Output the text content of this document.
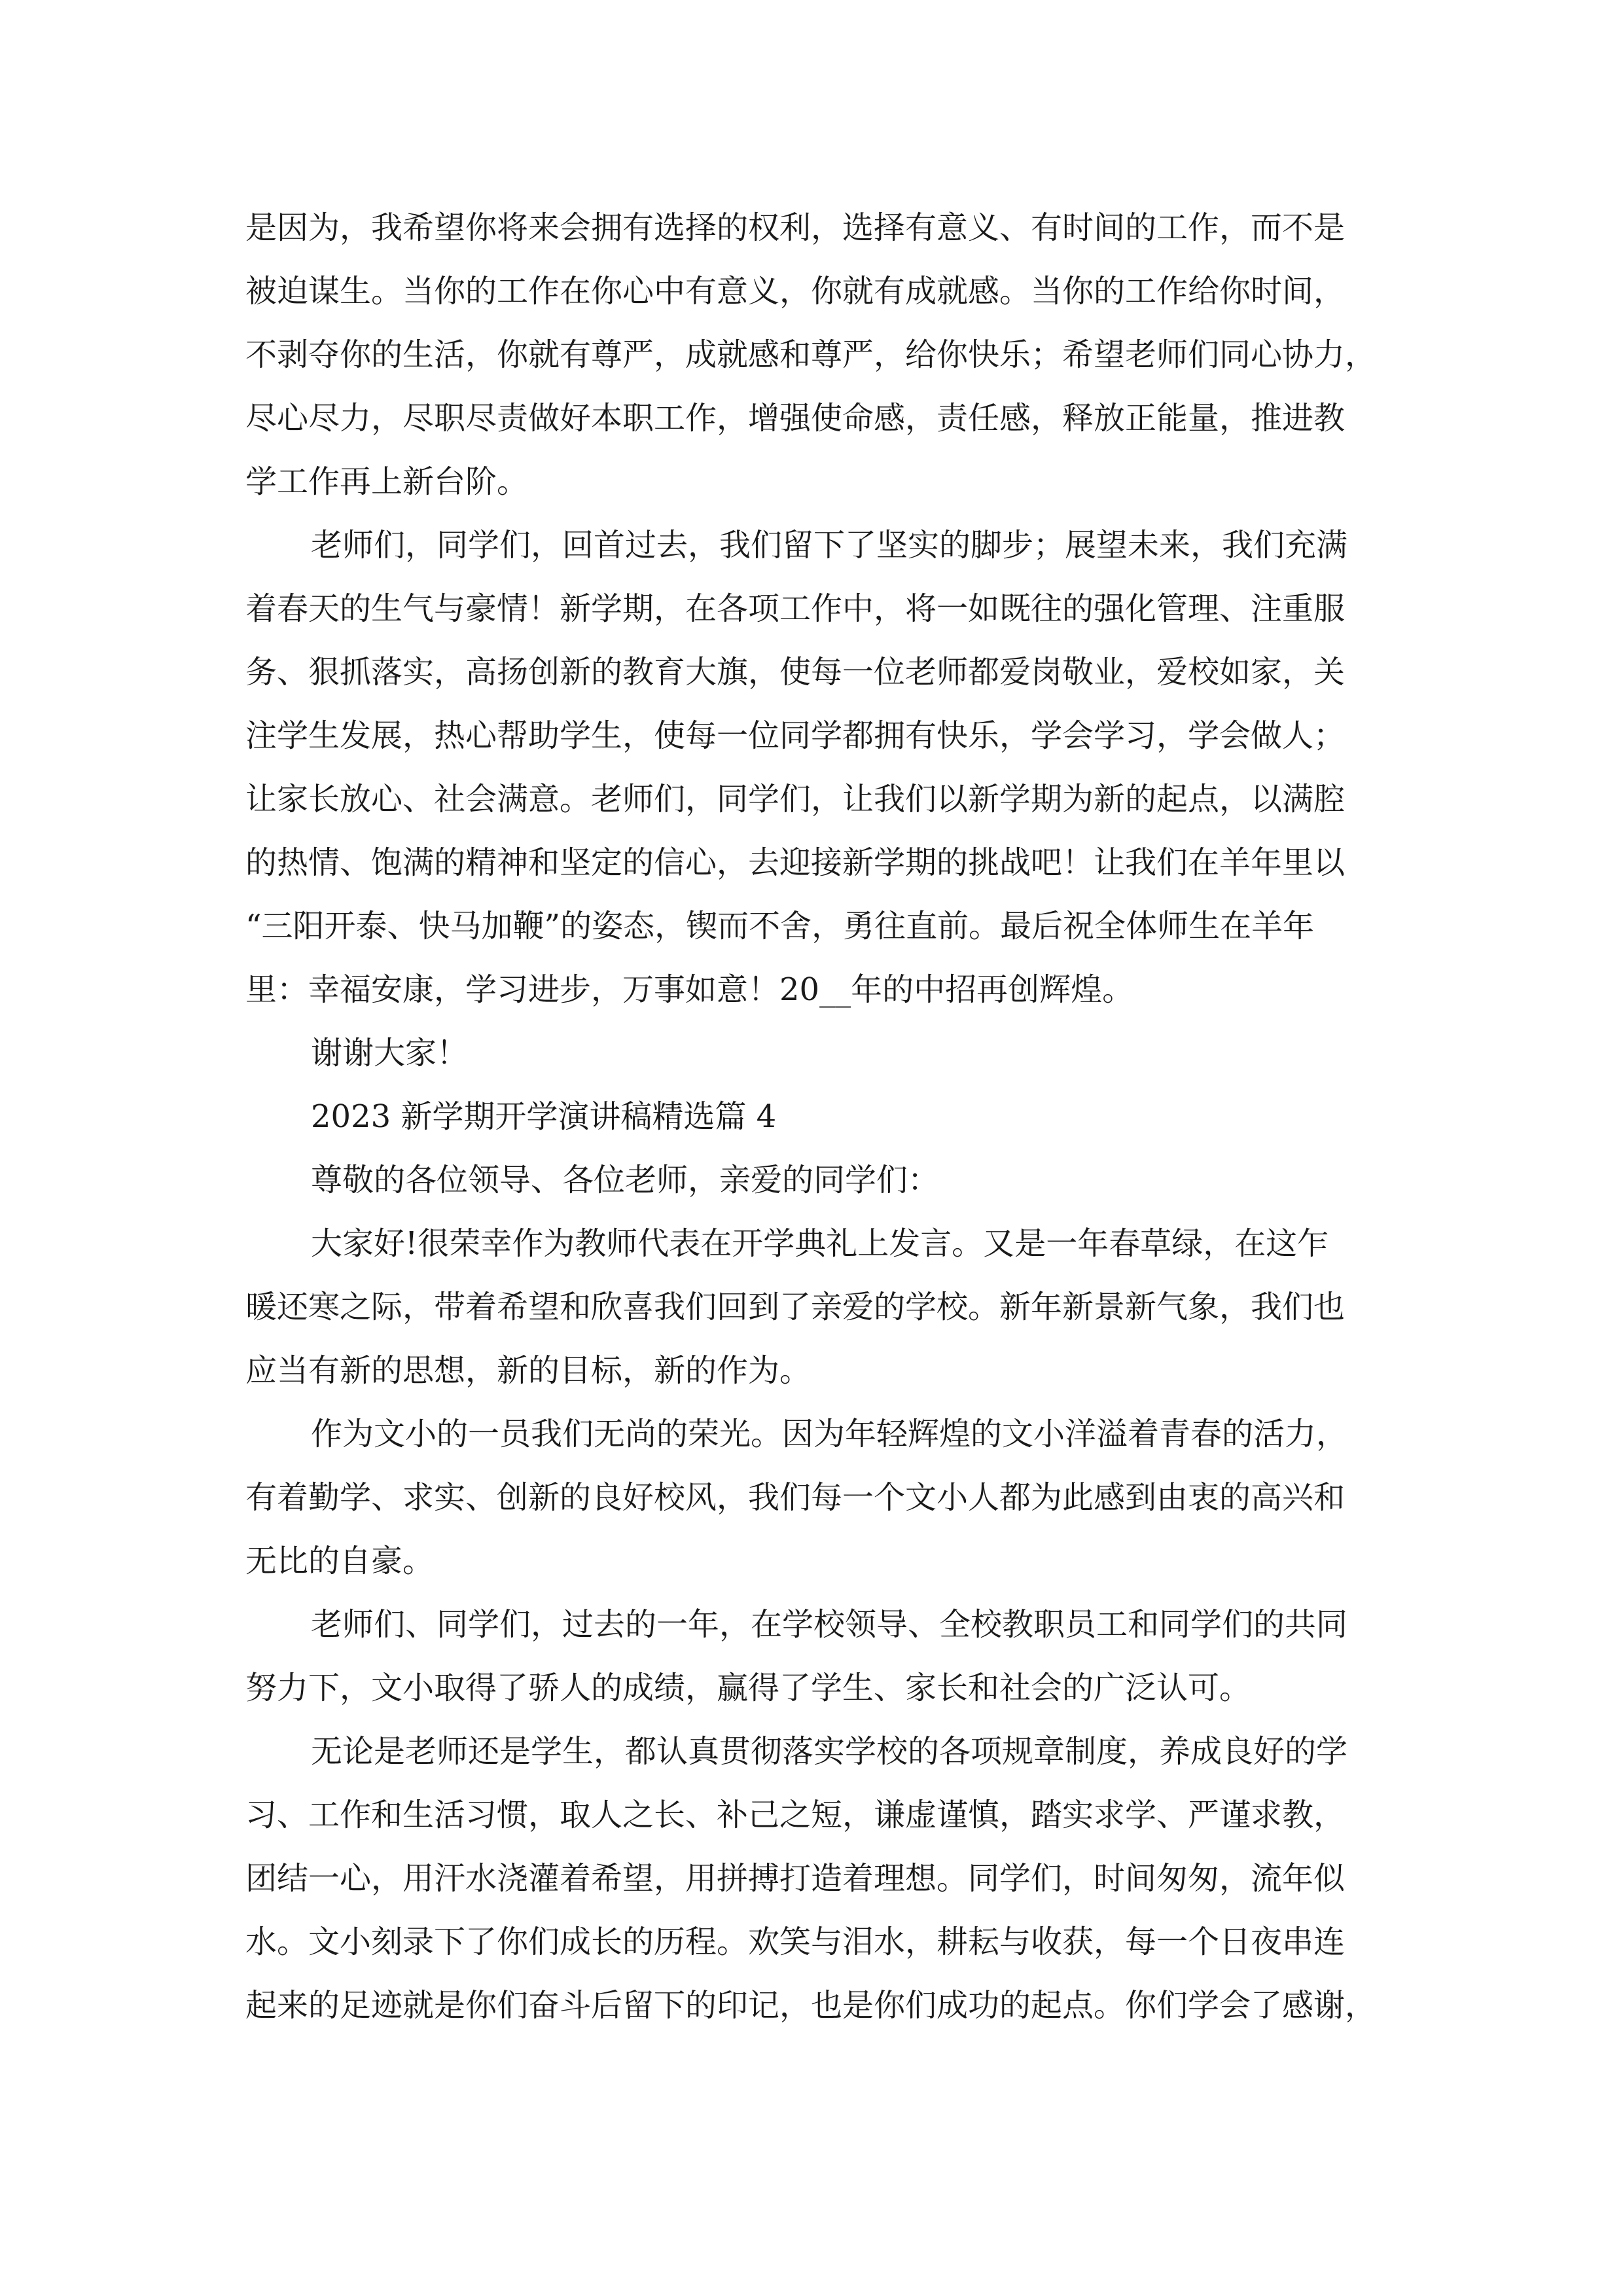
是因为，我希望你将来会拥有选择的权利，选择有意义、有时间的工作，而不是
被迫谋生。当你的工作在你心中有意义，你就有成就感。当你的工作给你时间，
不剥夺你的生活，你就有尊严，成就感和尊严，给你快乐；希望老师们同心协力，
尽心尽力，尽职尽责做好本职工作，增强使命感，责任感，释放正能量，推进教
学工作再上新台阶。
老师们，同学们，回首过去，我们留下了坚实的脚步；展望未来，我们充满
着春天的生气与豪情！新学期，在各项工作中，将一如既往的强化管理、注重服
务、狠抓落实，高扬创新的教育大旗，使每一位老师都爱岗敬业，爱校如家，关
注学生发展，热心帮助学生，使每一位同学都拥有快乐，学会学习，学会做人；
让家长放心、社会满意。老师们，同学们，让我们以新学期为新的起点，以满腔
的热情、饱满的精神和坚定的信心，去迎接新学期的挑战吧！让我们在羊年里以
“三阳开泰、快马加鞭”的姿态，锲而不舍，勇往直前。最后祝全体师生在羊年
里：幸福安康，学习进步，万事如意！20__年的中招再创辉煌。
谢谢大家！
2023 新学期开学演讲稿精选篇 4
尊敬的各位领导、各位老师，亲爱的同学们：
大家好!很荣幸作为教师代表在开学典礼上发言。又是一年春草绿，在这乍
暖还寒之际，带着希望和欣喜我们回到了亲爱的学校。新年新景新气象，我们也
应当有新的思想，新的目标，新的作为。
作为文小的一员我们无尚的荣光。因为年轻辉煌的文小洋溢着青春的活力，
有着勤学、求实、创新的良好校风，我们每一个文小人都为此感到由衷的高兴和
无比的自豪。
老师们、同学们，过去的一年，在学校领导、全校教职员工和同学们的共同
努力下，文小取得了骄人的成绩，赢得了学生、家长和社会的广泛认可。
无论是老师还是学生，都认真贯彻落实学校的各项规章制度，养成良好的学
习、工作和生活习惯，取人之长、补己之短，谦虚谨慎，踏实求学、严谨求教，
团结一心，用汗水浇灌着希望，用拼搏打造着理想。同学们，时间匆匆，流年似
水。文小刻录下了你们成长的历程。欢笑与泪水，耕耘与收获，每一个日夜串连
起来的足迹就是你们奋斗后留下的印记，也是你们成功的起点。你们学会了感谢，
